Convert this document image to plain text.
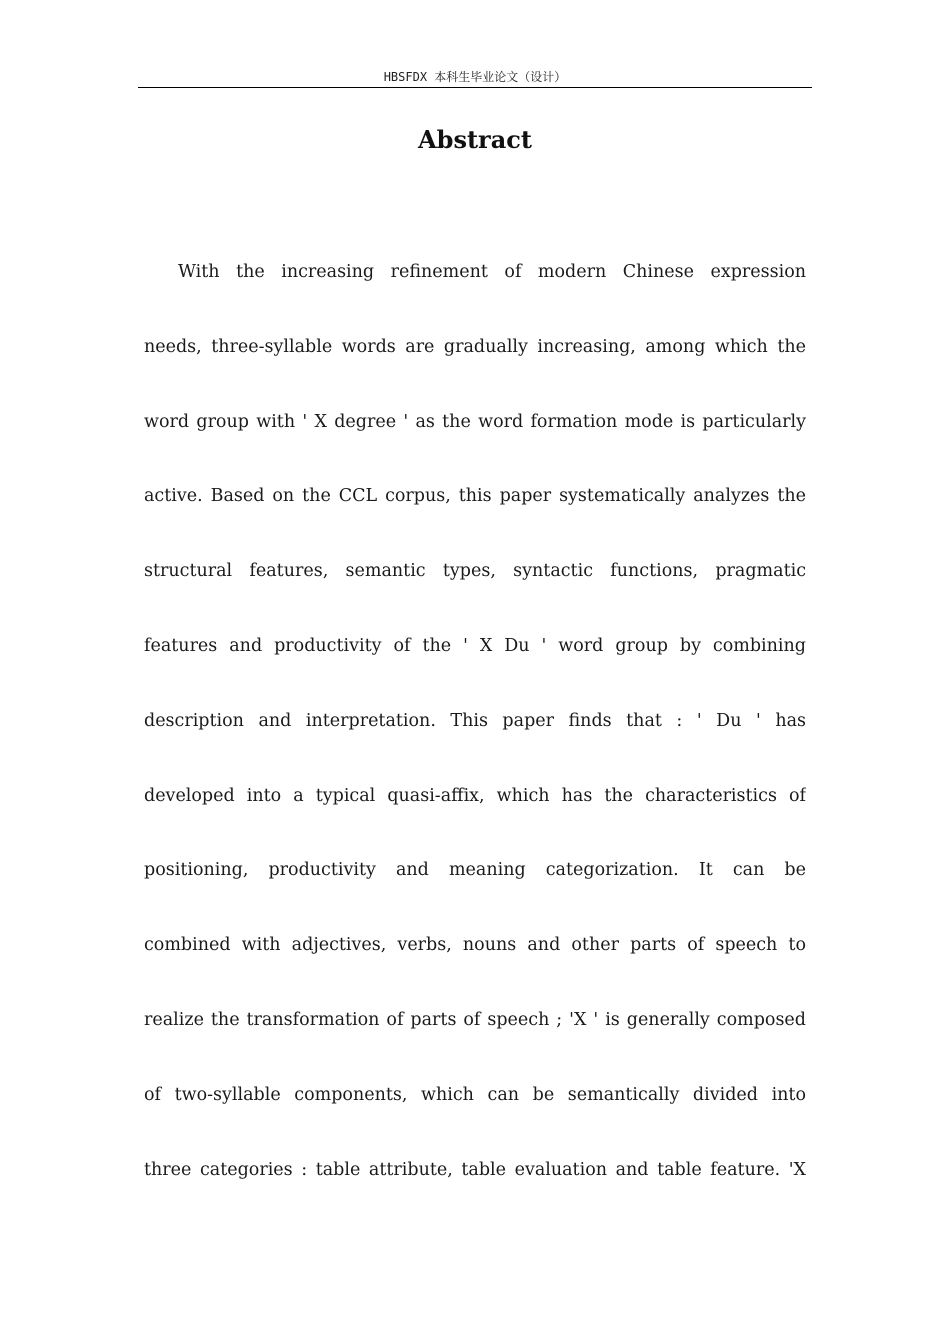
HBSFDX 本科生毕业论文（设计）
Abstract
With the increasing refinement of modern Chinese expression
needs, three-syllable words are gradually increasing, among which the
word group with ' X degree ' as the word formation mode is particularly
active. Based on the CCL corpus, this paper systematically analyzes the
structural features, semantic types, syntactic functions, pragmatic
features and productivity of the ' X Du ' word group by combining
description and interpretation. This paper finds that : ' Du ' has
developed into a typical quasi-affix, which has the characteristics of
positioning, productivity and meaning categorization. It can be
combined with adjectives, verbs, nouns and other parts of speech to
realize the transformation of parts of speech ; 'X ' is generally composed
of two-syllable components, which can be semantically divided into
three categories : table attribute, table evaluation and table feature. 'X
